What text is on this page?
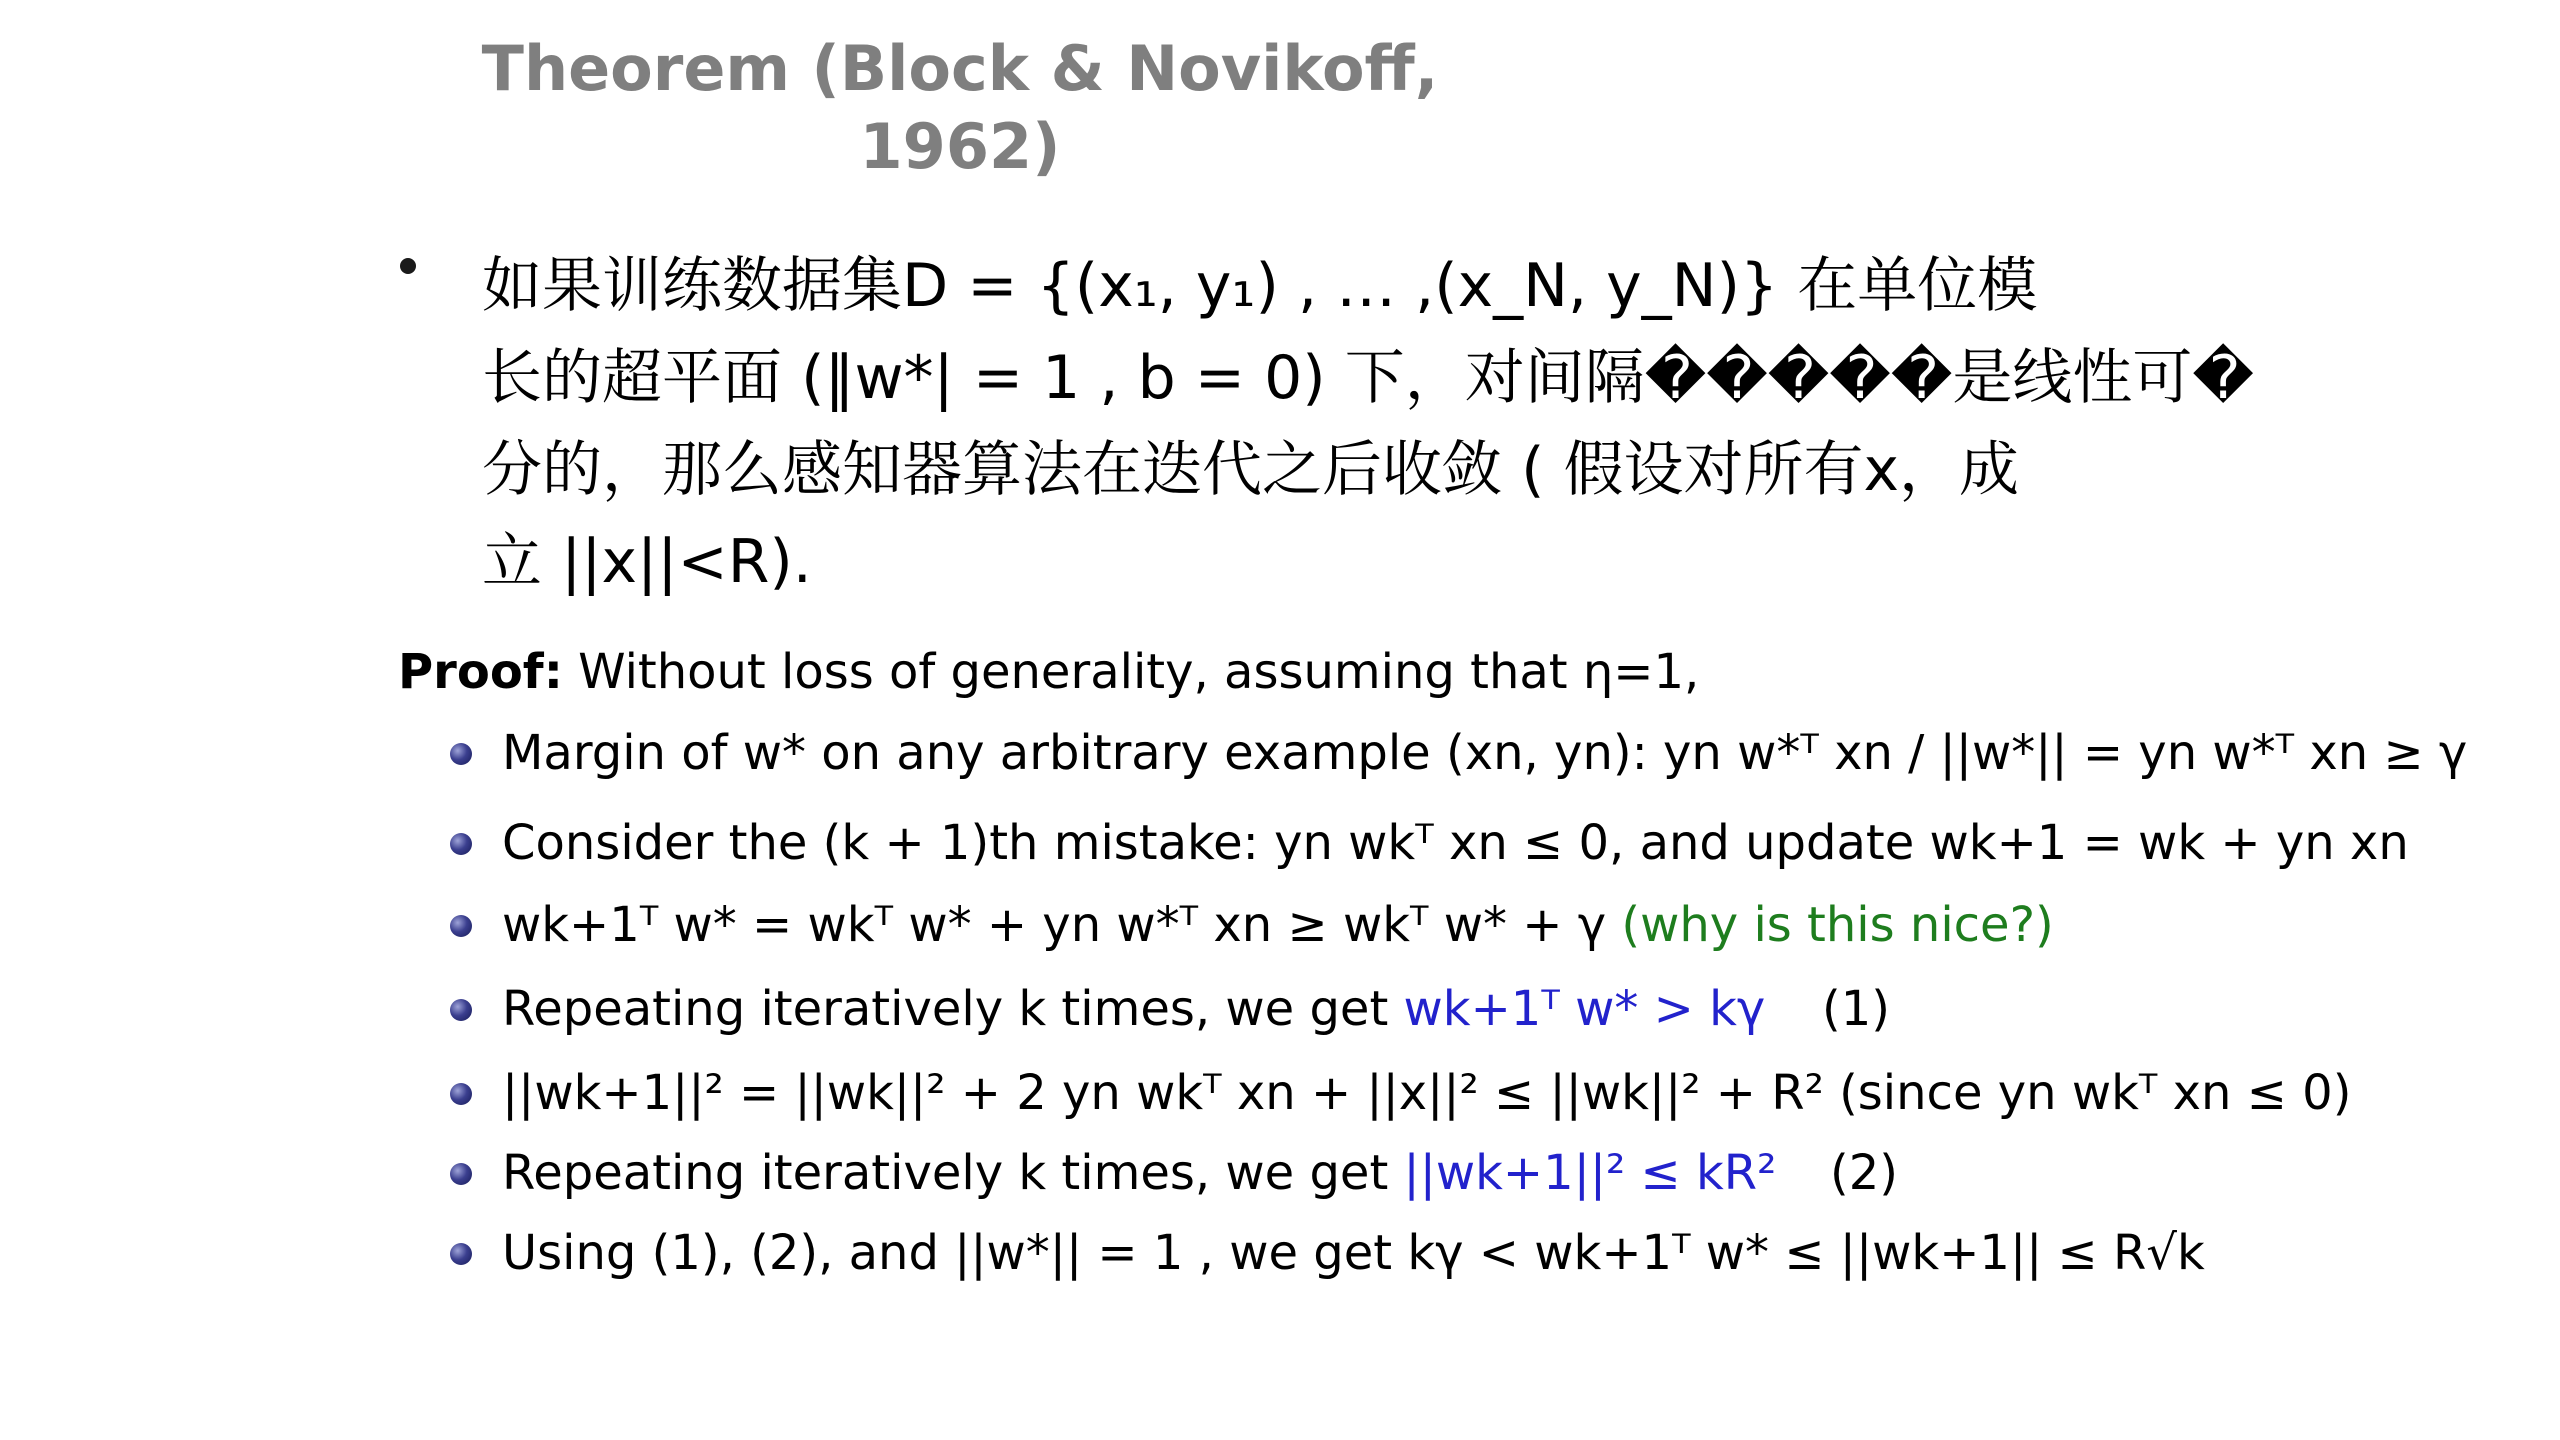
Theorem (Block & Novikoff, 1962)
如果训练数据集D = {(x₁, y₁) , … ,(x_N, y_N)} 在单位模
长的超平面 (‖w*| = 1 , b = 0) 下，对间隔�����是线性可�
分的，那么感知器算法在迭代之后收敛 ( 假设对所有x，成
立 ||x||<R).
Proof: Without loss of generality, assuming that η=1,
Margin of w* on any arbitrary example (xn, yn): yn w*ᵀ xn / ||w*|| = yn w*ᵀ xn ≥ γ
Consider the (k + 1)th mistake: yn wkᵀ xn ≤ 0, and update wk+1 = wk + yn xn
wk+1ᵀ w* = wkᵀ w* + yn w*ᵀ xn ≥ wkᵀ w* + γ (why is this nice?)
Repeating iteratively k times, we get wk+1ᵀ w* > kγ (1)
||wk+1||² = ||wk||² + 2 yn wkᵀ xn + ||x||² ≤ ||wk||² + R² (since yn wkᵀ xn ≤ 0)
Repeating iteratively k times, we get ||wk+1||² ≤ kR² (2)
Using (1), (2), and ||w*|| = 1 , we get kγ < wk+1ᵀ w* ≤ ||wk+1|| ≤ R√k
